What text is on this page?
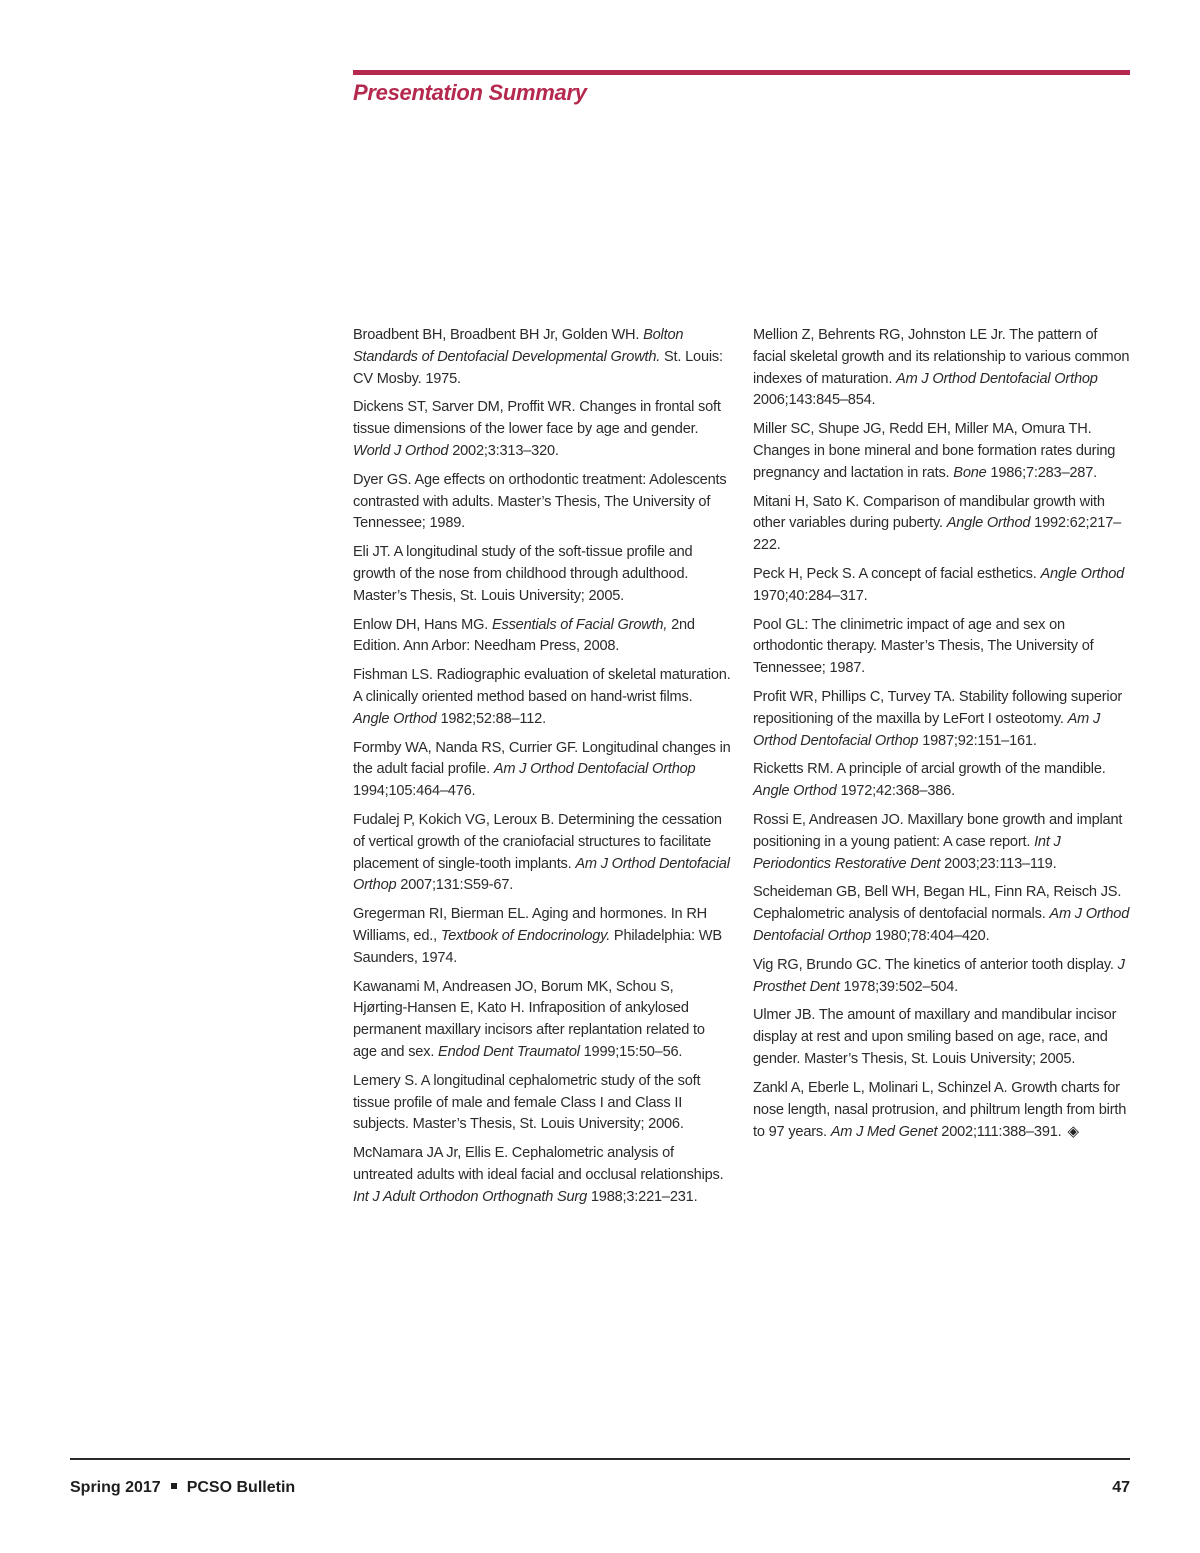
Presentation Summary

Broadbent BH, Broadbent BH Jr, Golden WH. Bolton Standards of Dentofacial Developmental Growth. St. Louis: CV Mosby. 1975.

Dickens ST, Sarver DM, Proffit WR. Changes in frontal soft tissue dimensions of the lower face by age and gender. World J Orthod 2002;3:313–320.

Dyer GS. Age effects on orthodontic treatment: Adolescents contrasted with adults. Master’s Thesis, The University of Tennessee; 1989.

Eli JT. A longitudinal study of the soft-tissue profile and growth of the nose from childhood through adulthood. Master’s Thesis, St. Louis University; 2005.

Enlow DH, Hans MG. Essentials of Facial Growth, 2nd Edition. Ann Arbor: Needham Press, 2008.

Fishman LS. Radiographic evaluation of skeletal maturation. A clinically oriented method based on hand-wrist films. Angle Orthod 1982;52:88–112.

Formby WA, Nanda RS, Currier GF. Longitudinal changes in the adult facial profile. Am J Orthod Dentofacial Orthop 1994;105:464–476.

Fudalej P, Kokich VG, Leroux B. Determining the cessation of vertical growth of the craniofacial structures to facilitate placement of single-tooth implants. Am J Orthod Dentofacial Orthop 2007;131:S59-67.

Gregerman RI, Bierman EL. Aging and hormones. In RH Williams, ed., Textbook of Endocrinology. Philadelphia: WB Saunders, 1974.

Kawanami M, Andreasen JO, Borum MK, Schou S, Hjørting-Hansen E, Kato H. Infraposition of ankylosed permanent maxillary incisors after replantation related to age and sex. Endod Dent Traumatol 1999;15:50–56.

Lemery S. A longitudinal cephalometric study of the soft tissue profile of male and female Class I and Class II subjects. Master’s Thesis, St. Louis University; 2006.

McNamara JA Jr, Ellis E. Cephalometric analysis of untreated adults with ideal facial and occlusal relationships. Int J Adult Orthodon Orthognath Surg 1988;3:221–231.

Mellion Z, Behrents RG, Johnston LE Jr. The pattern of facial skeletal growth and its relationship to various common indexes of maturation. Am J Orthod Dentofacial Orthop 2006;143:845–854.

Miller SC, Shupe JG, Redd EH, Miller MA, Omura TH. Changes in bone mineral and bone formation rates during pregnancy and lactation in rats. Bone 1986;7:283–287.

Mitani H, Sato K. Comparison of mandibular growth with other variables during puberty. Angle Orthod 1992:62;217–222.

Peck H, Peck S. A concept of facial esthetics. Angle Orthod 1970;40:284–317.

Pool GL: The clinimetric impact of age and sex on orthodontic therapy. Master’s Thesis, The University of Tennessee; 1987.

Profit WR, Phillips C, Turvey TA. Stability following superior repositioning of the maxilla by LeFort I osteotomy. Am J Orthod Dentofacial Orthop 1987;92:151–161.

Ricketts RM. A principle of arcial growth of the mandible. Angle Orthod 1972;42:368–386.

Rossi E, Andreasen JO. Maxillary bone growth and implant positioning in a young patient: A case report. Int J Periodontics Restorative Dent 2003;23:113–119.

Scheideman GB, Bell WH, Began HL, Finn RA, Reisch JS. Cephalometric analysis of dentofacial normals. Am J Orthod Dentofacial Orthop 1980;78:404–420.

Vig RG, Brundo GC. The kinetics of anterior tooth display. J Prosthet Dent 1978;39:502–504.

Ulmer JB. The amount of maxillary and mandibular incisor display at rest and upon smiling based on age, race, and gender. Master’s Thesis, St. Louis University; 2005.

Zankl A, Eberle L, Molinari L, Schinzel A. Growth charts for nose length, nasal protrusion, and philtrum length from birth to 97 years. Am J Med Genet 2002;111:388–391. ◈

Spring 2017 PCSO Bulletin	47
